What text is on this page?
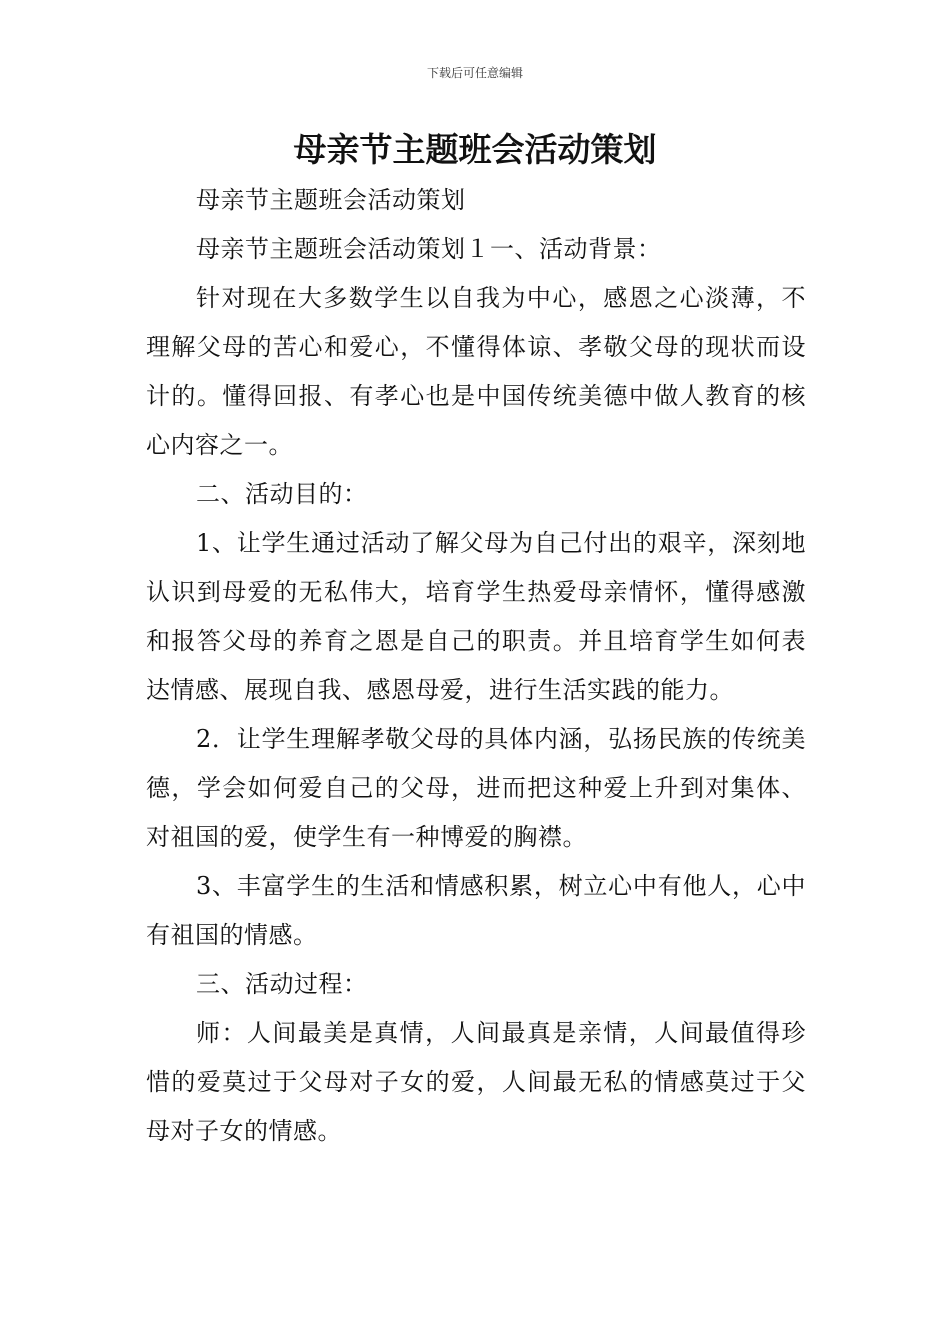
下载后可任意编辑
母亲节主题班会活动策划

母亲节主题班会活动策划

母亲节主题班会活动策划１一、活动背景：

针对现在大多数学生以自我为中心，感恩之心淡薄，不理解父母的苦心和爱心，不懂得体谅、孝敬父母的现状而设计的。懂得回报、有孝心也是中国传统美德中做人教育的核心内容之一。

二、活动目的：

1、让学生通过活动了解父母为自己付出的艰辛，深刻地认识到母爱的无私伟大，培育学生热爱母亲情怀，懂得感激和报答父母的养育之恩是自己的职责。并且培育学生如何表达情感、展现自我、感恩母爱，进行生活实践的能力。

2．让学生理解孝敬父母的具体内涵，弘扬民族的传统美德，学会如何爱自己的父母，进而把这种爱上升到对集体、对祖国的爱，使学生有一种博爱的胸襟。

3、丰富学生的生活和情感积累，树立心中有他人，心中有祖国的情感。

三、活动过程：

师：人间最美是真情，人间最真是亲情，人间最值得珍惜的爱莫过于父母对子女的爱，人间最无私的情感莫过于父母对子女的情感。
